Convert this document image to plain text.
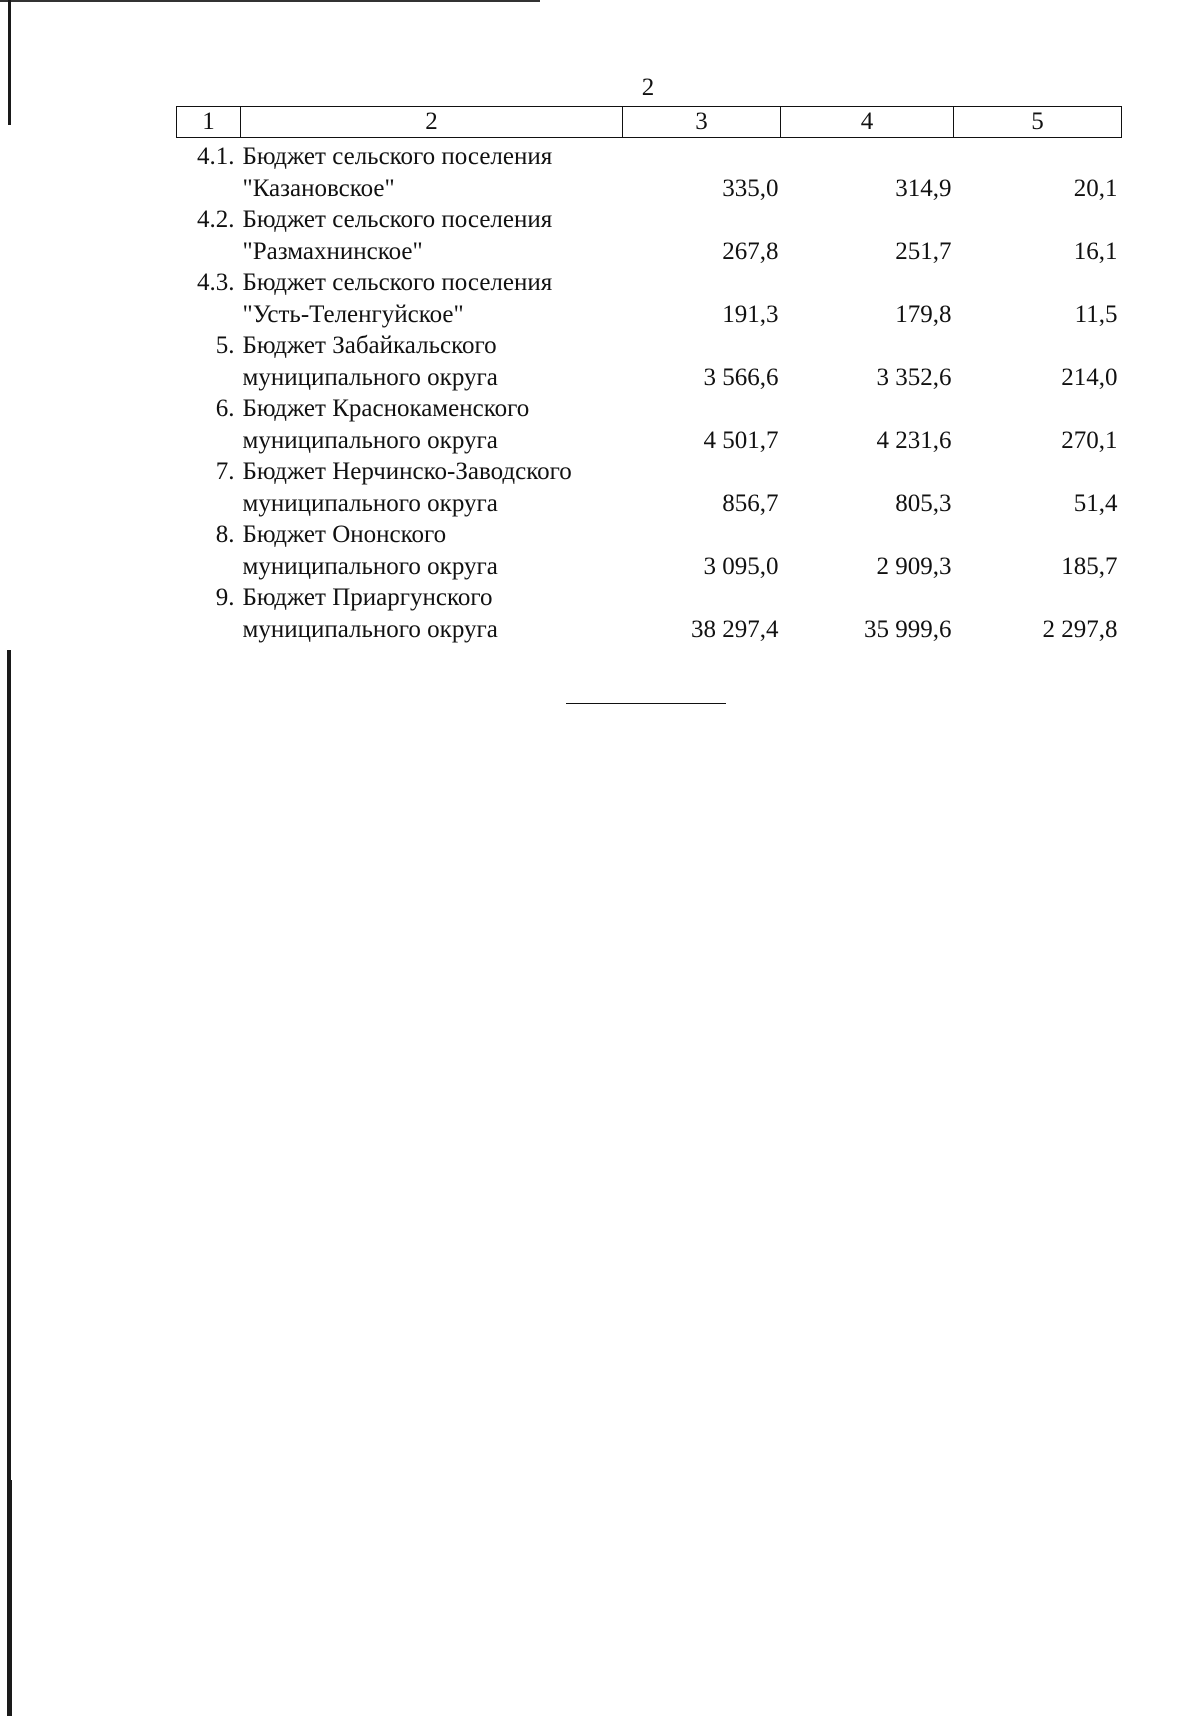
2
1	2	3	4	5
4.1.	Бюджет сельского поселения
"Казановское"	335,0	314,9	20,1
4.2.	Бюджет сельского поселения
"Размахнинское"	267,8	251,7	16,1
4.3.	Бюджет сельского поселения
"Усть-Теленгуйское"	191,3	179,8	11,5
5.	Бюджет Забайкальского
муниципального округа	3 566,6	3 352,6	214,0
6.	Бюджет Краснокаменского
муниципального округа	4 501,7	4 231,6	270,1
7.	Бюджет Нерчинско-Заводского
муниципального округа	856,7	805,3	51,4
8.	Бюджет Ононского
муниципального округа	3 095,0	2 909,3	185,7
9.	Бюджет Приаргунского
муниципального округа	38 297,4	35 999,6	2 297,8
